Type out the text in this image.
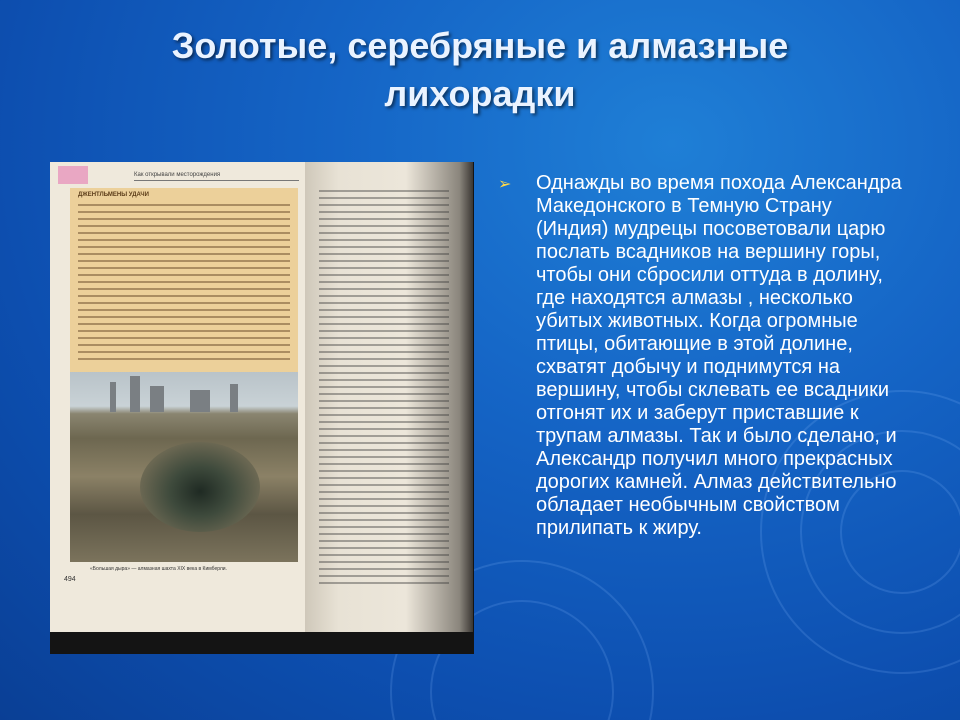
Золотые, серебряные и алмазные лихорадки
Как открывали месторождения
ДЖЕНТЛЬМЕНЫ УДАЧИ
«Большая дыра» — алмазная шахта XIX века в Кимберли.
494
➢ Однажды во время похода Александра Македонского в Темную Страну (Индия) мудрецы посоветовали царю послать всадников на вершину горы, чтобы они сбросили оттуда в долину, где находятся алмазы , несколько убитых животных. Когда огромные птицы, обитающие в этой долине, схватят добычу и поднимутся на вершину, чтобы склевать ее всадники отгонят их и заберут приставшие к трупам алмазы. Так и было сделано, и Александр получил много прекрасных дорогих камней. Алмаз действительно обладает необычным свойством прилипать к жиру.
